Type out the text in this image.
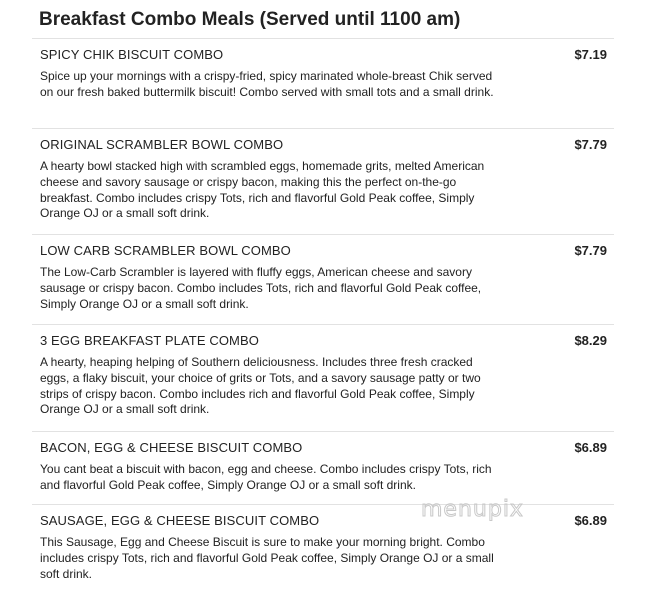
Breakfast Combo Meals (Served until 1100 am)
SPICY CHIK BISCUIT COMBO	$7.19

Spice up your mornings with a crispy-fried, spicy marinated whole-breast Chik served on our fresh baked buttermilk biscuit! Combo served with small tots and a small drink.

ORIGINAL SCRAMBLER BOWL COMBO	$7.79

A hearty bowl stacked high with scrambled eggs, homemade grits, melted American cheese and savory sausage or crispy bacon, making this the perfect on-the-go breakfast. Combo includes crispy Tots, rich and flavorful Gold Peak coffee, Simply Orange OJ or a small soft drink.

LOW CARB SCRAMBLER BOWL COMBO	$7.79

The Low-Carb Scrambler is layered with fluffy eggs, American cheese and savory sausage or crispy bacon. Combo includes Tots, rich and flavorful Gold Peak coffee, Simply Orange OJ or a small soft drink.

3 EGG BREAKFAST PLATE COMBO	$8.29

A hearty, heaping helping of Southern deliciousness. Includes three fresh cracked eggs, a flaky biscuit, your choice of grits or Tots, and a savory sausage patty or two strips of crispy bacon. Combo includes rich and flavorful Gold Peak coffee, Simply Orange OJ or a small soft drink.

BACON, EGG & CHEESE BISCUIT COMBO	$6.89

You cant beat a biscuit with bacon, egg and cheese. Combo includes crispy Tots, rich and flavorful Gold Peak coffee, Simply Orange OJ or a small soft drink.

SAUSAGE, EGG & CHEESE BISCUIT COMBO	$6.89

This Sausage, Egg and Cheese Biscuit is sure to make your morning bright. Combo includes crispy Tots, rich and flavorful Gold Peak coffee, Simply Orange OJ or a small soft drink.

menupix
